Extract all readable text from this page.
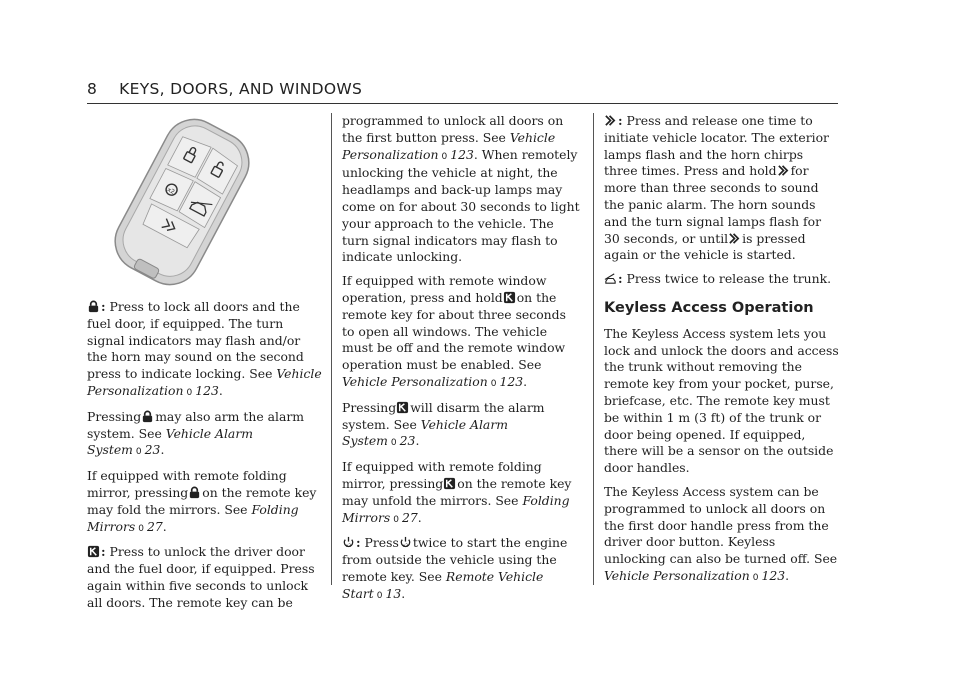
8 KEYS, DOORS, AND WINDOWS
x2

: Press to lock all doors and the fuel door, if equipped. The turn signal indicators may flash and/or the horn may sound on the second press to indicate locking. See Vehicle Personalization 0 123.

Pressing may also arm the alarm system. See Vehicle Alarm System 0 23.

If equipped with remote folding mirror, pressing on the remote key may fold the mirrors. See Folding Mirrors 0 27.

: Press to unlock the driver door and the fuel door, if equipped. Press again within five seconds to unlock all doors. The remote key can be

programmed to unlock all doors on the first button press. See Vehicle Personalization 0 123. When remotely unlocking the vehicle at night, the headlamps and back-up lamps may come on for about 30 seconds to light your approach to the vehicle. The turn signal indicators may flash to indicate unlocking.

If equipped with remote window operation, press and hold on the remote key for about three seconds to open all windows. The vehicle must be off and the remote window operation must be enabled. See Vehicle Personalization 0 123.

Pressing will disarm the alarm system. See Vehicle Alarm System 0 23.

If equipped with remote folding mirror, pressing on the remote key may unfold the mirrors. See Folding Mirrors 0 27.

x2 : Press x2 twice to start the engine from outside the vehicle using the remote key. See Remote Vehicle Start 0 13.

: Press and release one time to initiate vehicle locator. The exterior lamps flash and the horn chirps three times. Press and hold for more than three seconds to sound the panic alarm. The horn sounds and the turn signal lamps flash for 30 seconds, or until is pressed again or the vehicle is started.

: Press twice to release the trunk.

Keyless Access Operation

The Keyless Access system lets you lock and unlock the doors and access the trunk without removing the remote key from your pocket, purse, briefcase, etc. The remote key must be within 1 m (3 ft) of the trunk or door being opened. If equipped, there will be a sensor on the outside door handles.

The Keyless Access system can be programmed to unlock all doors on the first door handle press from the driver door button. Keyless unlocking can also be turned off. See Vehicle Personalization 0 123.
